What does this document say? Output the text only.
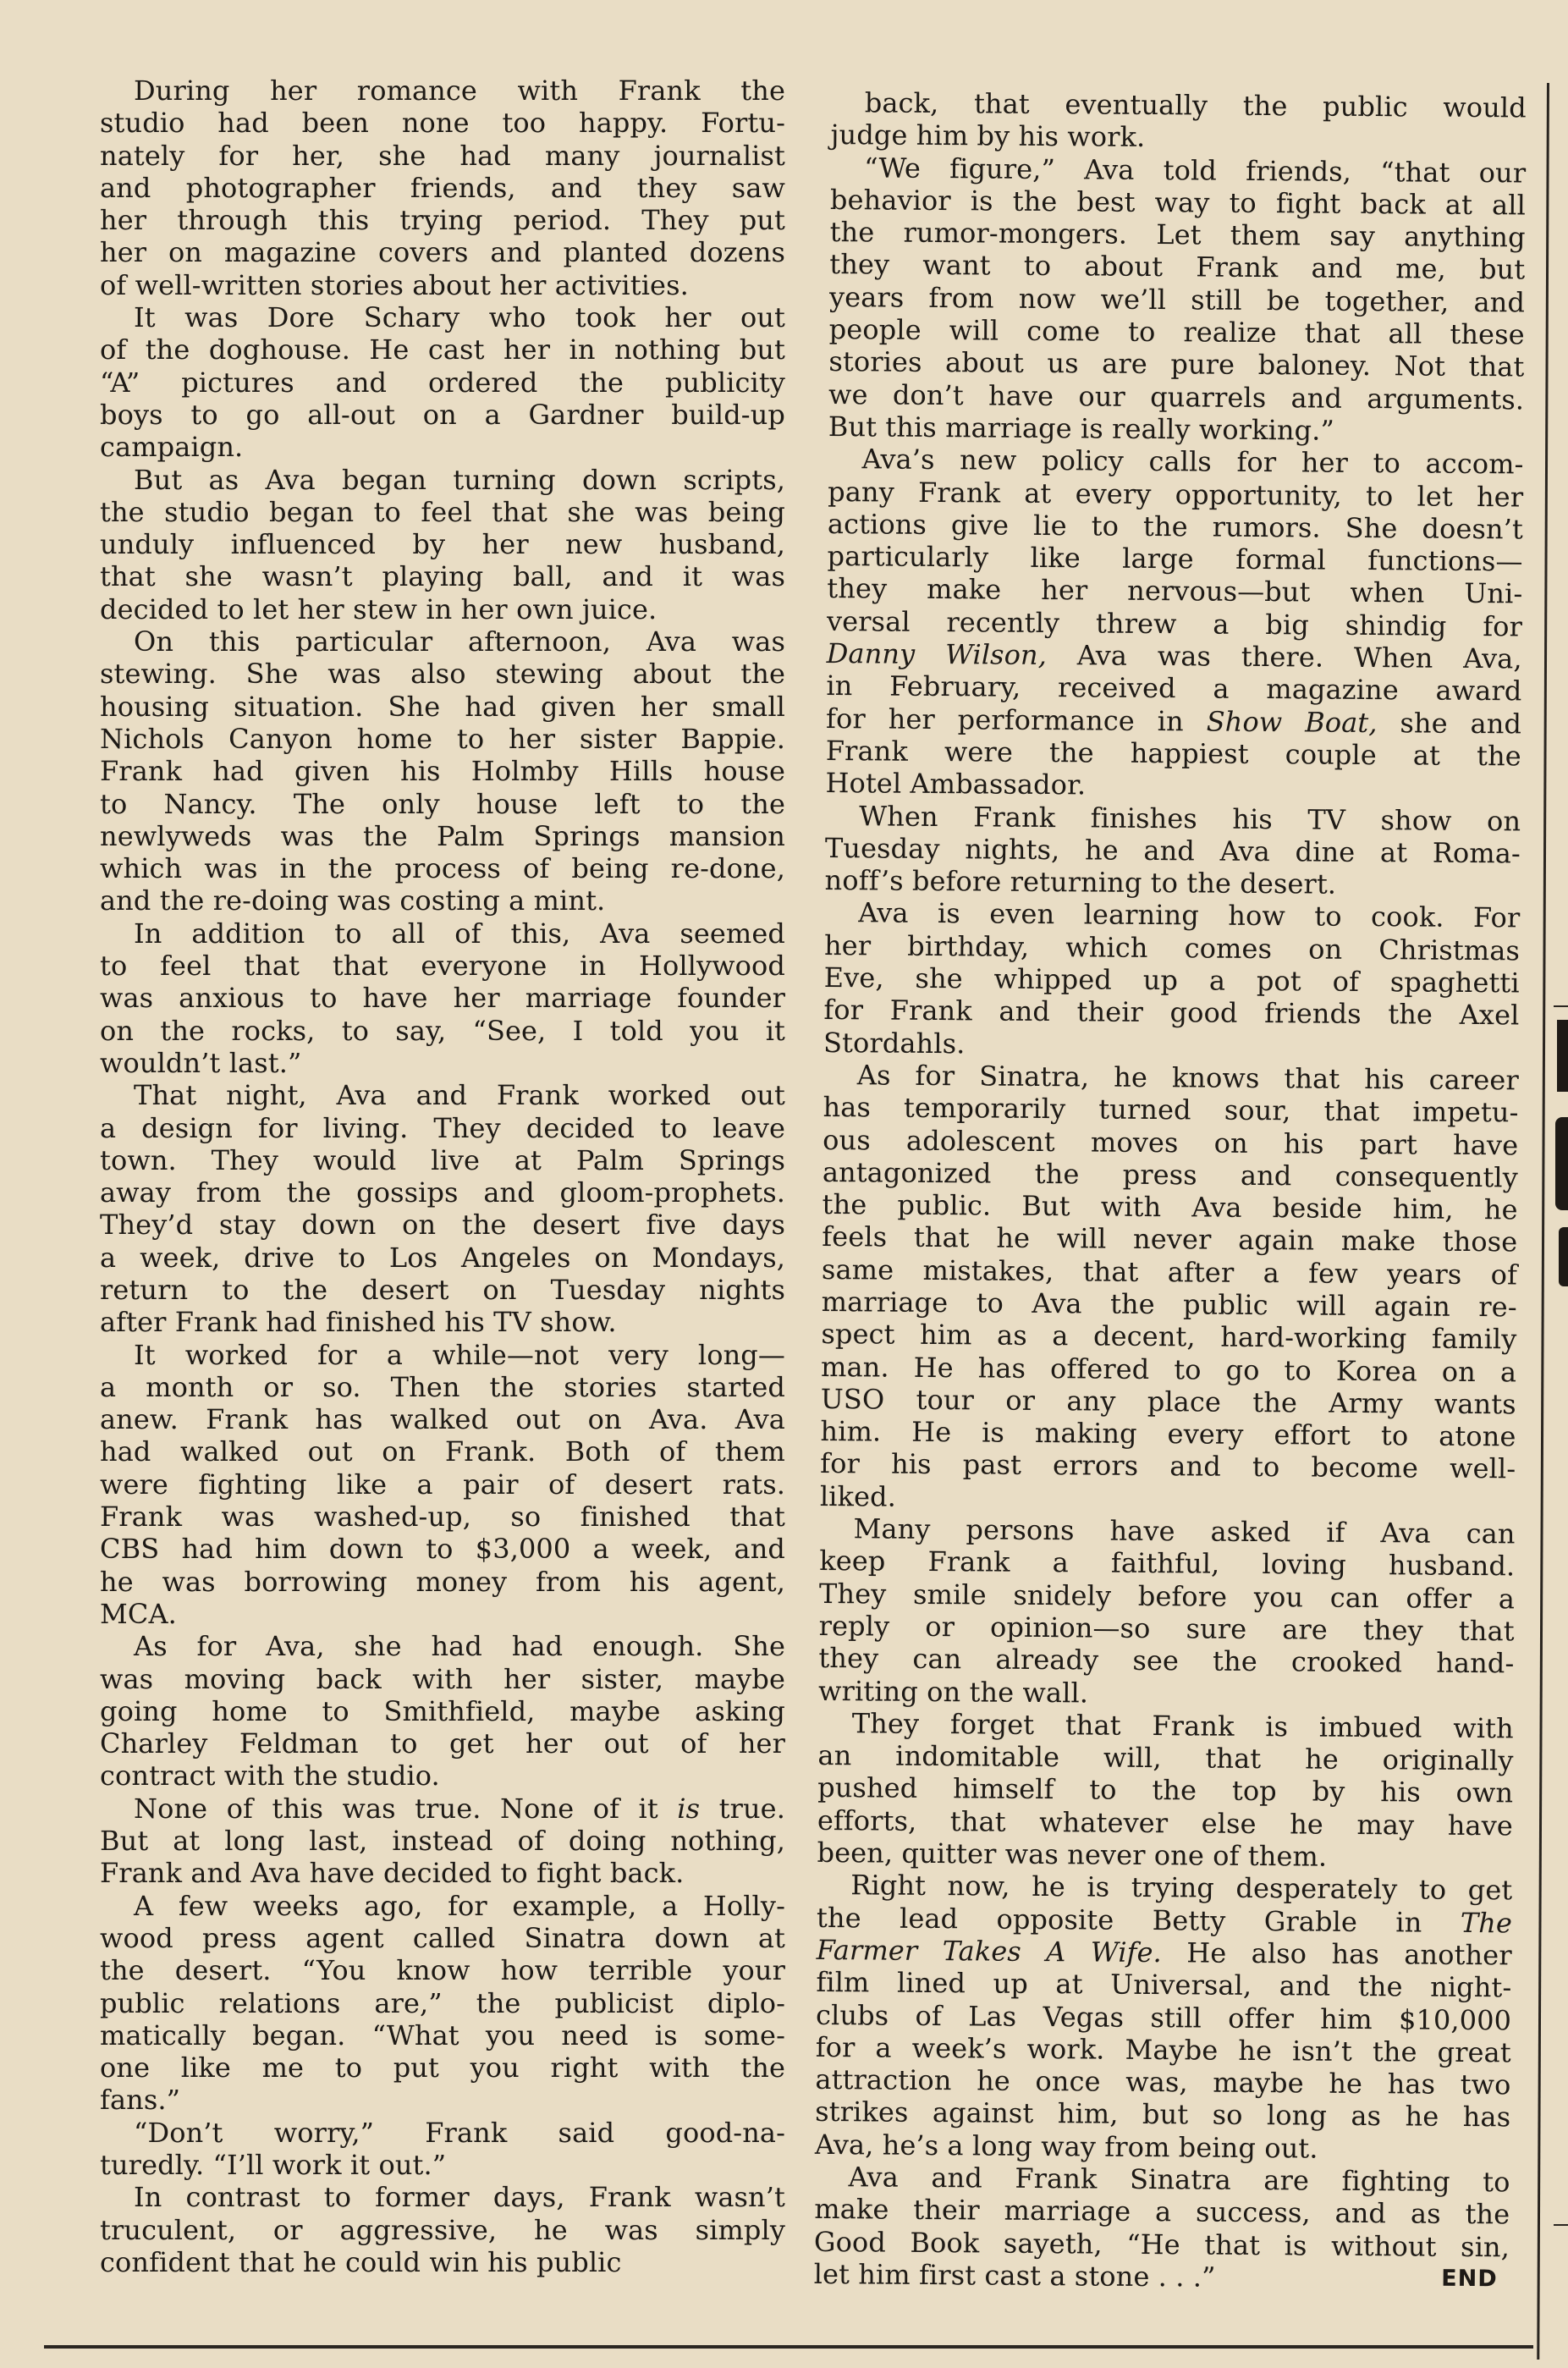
During her romance with Frank the
studio had been none too happy. Fortu-
nately for her, she had many journalist
and photographer friends, and they saw
her through this trying period. They put
her on magazine covers and planted dozens
of well-written stories about her activities.
It was Dore Schary who took her out
of the doghouse. He cast her in nothing but
“A” pictures and ordered the publicity
boys to go all-out on a Gardner build-up
campaign.
But as Ava began turning down scripts,
the studio began to feel that she was being
unduly influenced by her new husband,
that she wasn’t playing ball, and it was
decided to let her stew in her own juice.
On this particular afternoon, Ava was
stewing. She was also stewing about the
housing situation. She had given her small
Nichols Canyon home to her sister Bappie.
Frank had given his Holmby Hills house
to Nancy. The only house left to the
newlyweds was the Palm Springs mansion
which was in the process of being re-done,
and the re-doing was costing a mint.
In addition to all of this, Ava seemed
to feel that that everyone in Hollywood
was anxious to have her marriage founder
on the rocks, to say, “See, I told you it
wouldn’t last.”
That night, Ava and Frank worked out
a design for living. They decided to leave
town. They would live at Palm Springs
away from the gossips and gloom-prophets.
They’d stay down on the desert five days
a week, drive to Los Angeles on Mondays,
return to the desert on Tuesday nights
after Frank had finished his TV show.
It worked for a while—not very long—
a month or so. Then the stories started
anew. Frank has walked out on Ava. Ava
had walked out on Frank. Both of them
were fighting like a pair of desert rats.
Frank was washed-up, so finished that
CBS had him down to $3,000 a week, and
he was borrowing money from his agent,
MCA.
As for Ava, she had had enough. She
was moving back with her sister, maybe
going home to Smithfield, maybe asking
Charley Feldman to get her out of her
contract with the studio.
None of this was true. None of it is true.
But at long last, instead of doing nothing,
Frank and Ava have decided to fight back.
A few weeks ago, for example, a Holly-
wood press agent called Sinatra down at
the desert. “You know how terrible your
public relations are,” the publicist diplo-
matically began. “What you need is some-
one like me to put you right with the
fans.”
“Don’t worry,” Frank said good-na-
turedly. “I’ll work it out.”
In contrast to former days, Frank wasn’t
truculent, or aggressive, he was simply
confident that he could win his public
back, that eventually the public would
judge him by his work.
“We figure,” Ava told friends, “that our
behavior is the best way to fight back at all
the rumor-mongers. Let them say anything
they want to about Frank and me, but
years from now we’ll still be together, and
people will come to realize that all these
stories about us are pure baloney. Not that
we don’t have our quarrels and arguments.
But this marriage is really working.”
Ava’s new policy calls for her to accom-
pany Frank at every opportunity, to let her
actions give lie to the rumors. She doesn’t
particularly like large formal functions—
they make her nervous—but when Uni-
versal recently threw a big shindig for
Danny Wilson, Ava was there. When Ava,
in February, received a magazine award
for her performance in Show Boat, she and
Frank were the happiest couple at the
Hotel Ambassador.
When Frank finishes his TV show on
Tuesday nights, he and Ava dine at Roma-
noff’s before returning to the desert.
Ava is even learning how to cook. For
her birthday, which comes on Christmas
Eve, she whipped up a pot of spaghetti
for Frank and their good friends the Axel
Stordahls.
As for Sinatra, he knows that his career
has temporarily turned sour, that impetu-
ous adolescent moves on his part have
antagonized the press and consequently
the public. But with Ava beside him, he
feels that he will never again make those
same mistakes, that after a few years of
marriage to Ava the public will again re-
spect him as a decent, hard-working family
man. He has offered to go to Korea on a
USO tour or any place the Army wants
him. He is making every effort to atone
for his past errors and to become well-
liked.
Many persons have asked if Ava can
keep Frank a faithful, loving husband.
They smile snidely before you can offer a
reply or opinion—so sure are they that
they can already see the crooked hand-
writing on the wall.
They forget that Frank is imbued with
an indomitable will, that he originally
pushed himself to the top by his own
efforts, that whatever else he may have
been, quitter was never one of them.
Right now, he is trying desperately to get
the lead opposite Betty Grable in The
Farmer Takes A Wife. He also has another
film lined up at Universal, and the night-
clubs of Las Vegas still offer him $10,000
for a week’s work. Maybe he isn’t the great
attraction he once was, maybe he has two
strikes against him, but so long as he has
Ava, he’s a long way from being out.
Ava and Frank Sinatra are fighting to
make their marriage a success, and as the
Good Book sayeth, “He that is without sin,
let him first cast a stone . . .”	END
